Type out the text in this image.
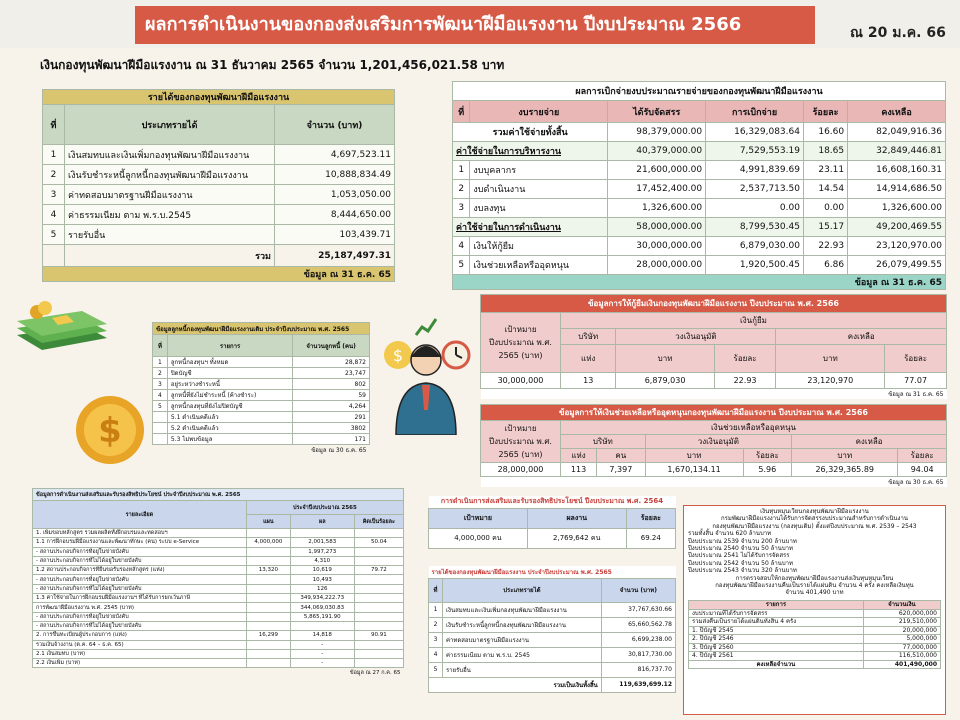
ผลการดำเนินงานของกองส่งเสริมการพัฒนาฝีมือแรงงาน ปีงบประมาณ 2566	ณ 20 ม.ค. 66
เงินกองทุนพัฒนาฝีมือแรงงาน ณ 31 ธันวาคม 2565 จำนวน 1,201,456,021.58 บาท
รายได้ของกองทุนพัฒนาฝีมือแรงงาน		
ที่	ประเภทรายได้	จำนวน (บาท)
1	เงินสมทบและเงินเพิ่มกองทุนพัฒนาฝีมือแรงงาน	4,697,523.11
2	เงินรับชำระหนี้ลูกหนี้กองทุนพัฒนาฝีมือแรงงาน	10,888,834.49
3	ค่าทดสอบมาตรฐานฝีมือแรงงาน	1,053,050.00
4	ค่าธรรมเนียม ตาม พ.ร.บ.2545	8,444,650.00
5	รายรับอื่น	103,439.71
	รวม	25,187,497.31
ข้อมูล ณ 31 ธ.ค. 65		
ผลการเบิกจ่ายงบประมาณรายจ่ายของกองทุนพัฒนาฝีมือแรงงาน					
ที่	งบรายจ่าย	ได้รับจัดสรร	การเบิกจ่าย	ร้อยละ	คงเหลือ
รวมค่าใช้จ่ายทั้งสิ้น		98,379,000.00	16,329,083.64	16.60	82,049,916.36
ค่าใช้จ่ายในการบริหารงาน		40,379,000.00	7,529,553.19	18.65	32,849,446.81
1	งบบุคลากร	21,600,000.00	4,991,839.69	23.11	16,608,160.31
2	งบดำเนินงาน	17,452,400.00	2,537,713.50	14.54	14,914,686.50
3	งบลงทุน	1,326,600.00	0.00	0.00	1,326,600.00
ค่าใช้จ่ายในการดำเนินงาน		58,000,000.00	8,799,530.45	15.17	49,200,469.55
4	เงินให้กู้ยืม	30,000,000.00	6,879,030.00	22.93	23,120,970.00
5	เงินช่วยเหลือหรืออุดหนุน	28,000,000.00	1,920,500.45	6.86	26,079,499.55
ข้อมูล ณ 31 ธ.ค. 65					
ข้อมูลการให้กู้ยืมเงินกองทุนพัฒนาฝีมือแรงงาน ปีงบประมาณ พ.ศ. 2566					
เป้าหมาย ปีงบประมาณ พ.ศ. 2565 (บาท)	เงินกู้ยืม				
	บริษัท	วงเงินอนุมัติ		คงเหลือ	
	แห่ง	บาท	ร้อยละ	บาท	ร้อยละ
30,000,000	13	6,879,030	22.93	23,120,970	77.07
ข้อมูล ณ 31 ธ.ค. 65					
ข้อมูลการให้เงินช่วยเหลือหรืออุดหนุนกองทุนพัฒนาฝีมือแรงงาน ปีงบประมาณ พ.ศ. 2566						
เป้าหมาย ปีงบประมาณ พ.ศ. 2565 (บาท)	เงินช่วยเหลือหรืออุดหนุน					
	บริษัท		วงเงินอนุมัติ		คงเหลือ	
	แห่ง	คน	บาท	ร้อยละ	บาท	ร้อยละ
28,000,000	113	7,397	1,670,134.11	5.96	26,329,365.89	94.04
ข้อมูล ณ 30 ธ.ค. 65						
ข้อมูลลูกหนี้กองทุนพัฒนาฝีมือแรงงานเดิม ประจำปีงบประมาณ พ.ศ. 2565		
ที่	รายการ	จำนวนลูกหนี้ (คน)
1	ลูกหนี้กองทุนฯ ทั้งหมด	28,872
2	ปิดบัญชี	23,747
3	อยู่ระหว่างชำระหนี้	802
4	ลูกหนี้ที่ยังไม่ชำระหนี้ (ค้างชำระ)	59
5	ลูกหนี้กองทุนที่ยังไม่ปิดบัญชี	4,264
	5.1 ดำเนินคดีแล้ว	291
	5.2 ดำเนินคดีแล้ว	3802
	5.3 ไม่พบข้อมูล	171
ข้อมูล ณ 30 ธ.ค. 65		
ข้อมูลการดำเนินงานส่งเสริมและรับรองสิทธิประโยชน์ ประจำปีงบประมาณ พ.ศ. 2565			
รายละเอียด	ประจำปีงบประมาณ 2565		
	แผน	ผล	คิดเป็นร้อยละ
1. เพิ่มขอบหลักสูตร รวมผลผลิตทั้งฝึกอบรมและทดสอบฯ			
1.1 การฝึกอบรมฝีมือแรงงานและพัฒนาทักษะ (คน) ระบบ e-Service	4,000,000	2,001,583	50.04
- สถานประกอบกิจการที่อยู่ในข่ายบังคับ		1,997,273	
- สถานประกอบกิจการที่ไม่ได้อยู่ในข่ายบังคับ		4,310	
1.2 สถานประกอบกิจการที่ยื่นขอรับรองหลักสูตร (แห่ง)	13,320	10,619	79.72
- สถานประกอบกิจการที่อยู่ในข่ายบังคับ		10,493	
- สถานประกอบกิจการที่ไม่ได้อยู่ในข่ายบังคับ		126	
1.3 ค่าใช้จ่ายในการฝึกอบรมฝีมือแรงงานฯ ที่ได้รับการยกเว้นภาษี		349,934,222.73	
การพัฒนาฝีมือแรงงาน พ.ศ. 2545 (บาท)		344,069,030.83	
- สถานประกอบกิจการที่อยู่ในข่ายบังคับ		5,865,191.90	
- สถานประกอบกิจการที่ไม่ได้อยู่ในข่ายบังคับ			
2. การขึ้นทะเบียนผู้ประกอบการ (แห่ง)	16,299	14,818	90.91
รวมเงินจ้างงาน (ต.ค. 64 – ธ.ค. 65)		-	
2.1 เงินสมทบ (บาท)		-	
2.2 เงินเพิ่ม (บาท)		-	
ข้อมูล ณ 27 ก.ค. 65			
การดำเนินการส่งเสริมและรับรองสิทธิประโยชน์ ปีงบประมาณ พ.ศ. 2564		
เป้าหมาย	ผลงาน	ร้อยละ
4,000,000 คน	2,769,642 คน	69.24
รายได้ของกองทุนพัฒนาฝีมือแรงงาน ประจำปีงบประมาณ พ.ศ. 2565		
ที่	ประเภทรายได้	จำนวน (บาท)
1	เงินสมทบและเงินเพิ่มกองทุนพัฒนาฝีมือแรงงาน	37,767,630.66
2	เงินรับชำระหนี้ลูกหนี้กองทุนพัฒนาฝีมือแรงงาน	65,660,562.78
3	ค่าทดสอบมาตรฐานฝีมือแรงงาน	6,699,238.00
4	ค่าธรรมเนียม ตาม พ.ร.บ. 2545	30,817,730.00
5	รายรับอื่น	816,737.70
รวมเป็นเงินทั้งสิ้น		119,639,699.12
เงินทุนหมุนเวียนกองทุนพัฒนาฝีมือแรงงาน
กรมพัฒนาฝีมือแรงงานได้รับการจัดสรรงบประมาณสำหรับการดำเนินงาน
กองทุนพัฒนาฝีมือแรงงาน (กองทุนเดิม) ตั้งแต่ปีงบประมาณ พ.ศ. 2539 – 2543
รวมทั้งสิ้น จำนวน 620 ล้านบาท
ปีงบประมาณ 2539 จำนวน 200 ล้านบาท
ปีงบประมาณ 2540 จำนวน 50 ล้านบาท
ปีงบประมาณ 2541 ไม่ได้รับการจัดสรร
ปีงบประมาณ 2542 จำนวน 50 ล้านบาท
ปีงบประมาณ 2543 จำนวน 320 ล้านบาท
การตรวจสอบให้กองทุนพัฒนาฝีมือแรงงานส่งเงินทุนหมุนเวียน
กองทุนพัฒนาฝีมือแรงงานคืนเป็นรายได้แผ่นดิน จำนวน 4 ครั้ง คงเหลือเงินทุน
จำนวน 401,490 บาท
รายการ	จำนวนเงิน
งบประมาณที่ได้รับการจัดสรร	620,000,000
รวมส่งคืนเป็นรายได้แผ่นดินทั้งสิ้น 4 ครั้ง	219,510,000
1. ปีบัญชี 2545	20,000,000
2. ปีบัญชี 2546	5,000,000
3. ปีบัญชี 2560	77,000,000
4. ปีบัญชี 2561	116,510,000
คงเหลือจำนวน	401,490,000
$
$
